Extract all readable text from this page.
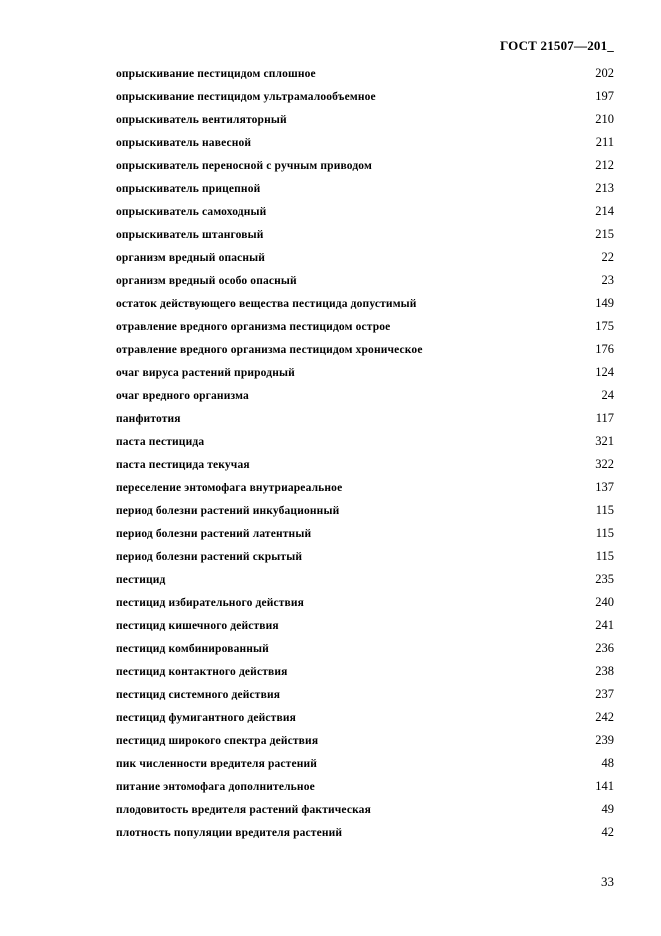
ГОСТ 21507—201_
опрыскивание пестицидом сплошное	202
опрыскивание пестицидом ультрамалообъемное	197
опрыскиватель вентиляторный	210
опрыскиватель навесной	211
опрыскиватель переносной с ручным приводом	212
опрыскиватель прицепной	213
опрыскиватель самоходный	214
опрыскиватель штанговый	215
организм вредный опасный	22
организм вредный особо опасный	23
остаток действующего вещества пестицида допустимый	149
отравление вредного организма пестицидом острое	175
отравление вредного организма пестицидом хроническое	176
очаг вируса растений природный	124
очаг вредного организма	24
панфитотия	117
паста пестицида	321
паста пестицида текучая	322
переселение энтомофага внутриареальное	137
период болезни растений инкубационный	115
период болезни растений латентный	115
период болезни растений скрытый	115
пестицид	235
пестицид избирательного действия	240
пестицид кишечного действия	241
пестицид комбинированный	236
пестицид контактного действия	238
пестицид системного действия	237
пестицид фумигантного действия	242
пестицид широкого спектра действия	239
пик численности вредителя растений	48
питание энтомофага дополнительное	141
плодовитость вредителя растений фактическая	49
плотность популяции вредителя растений	42
33
